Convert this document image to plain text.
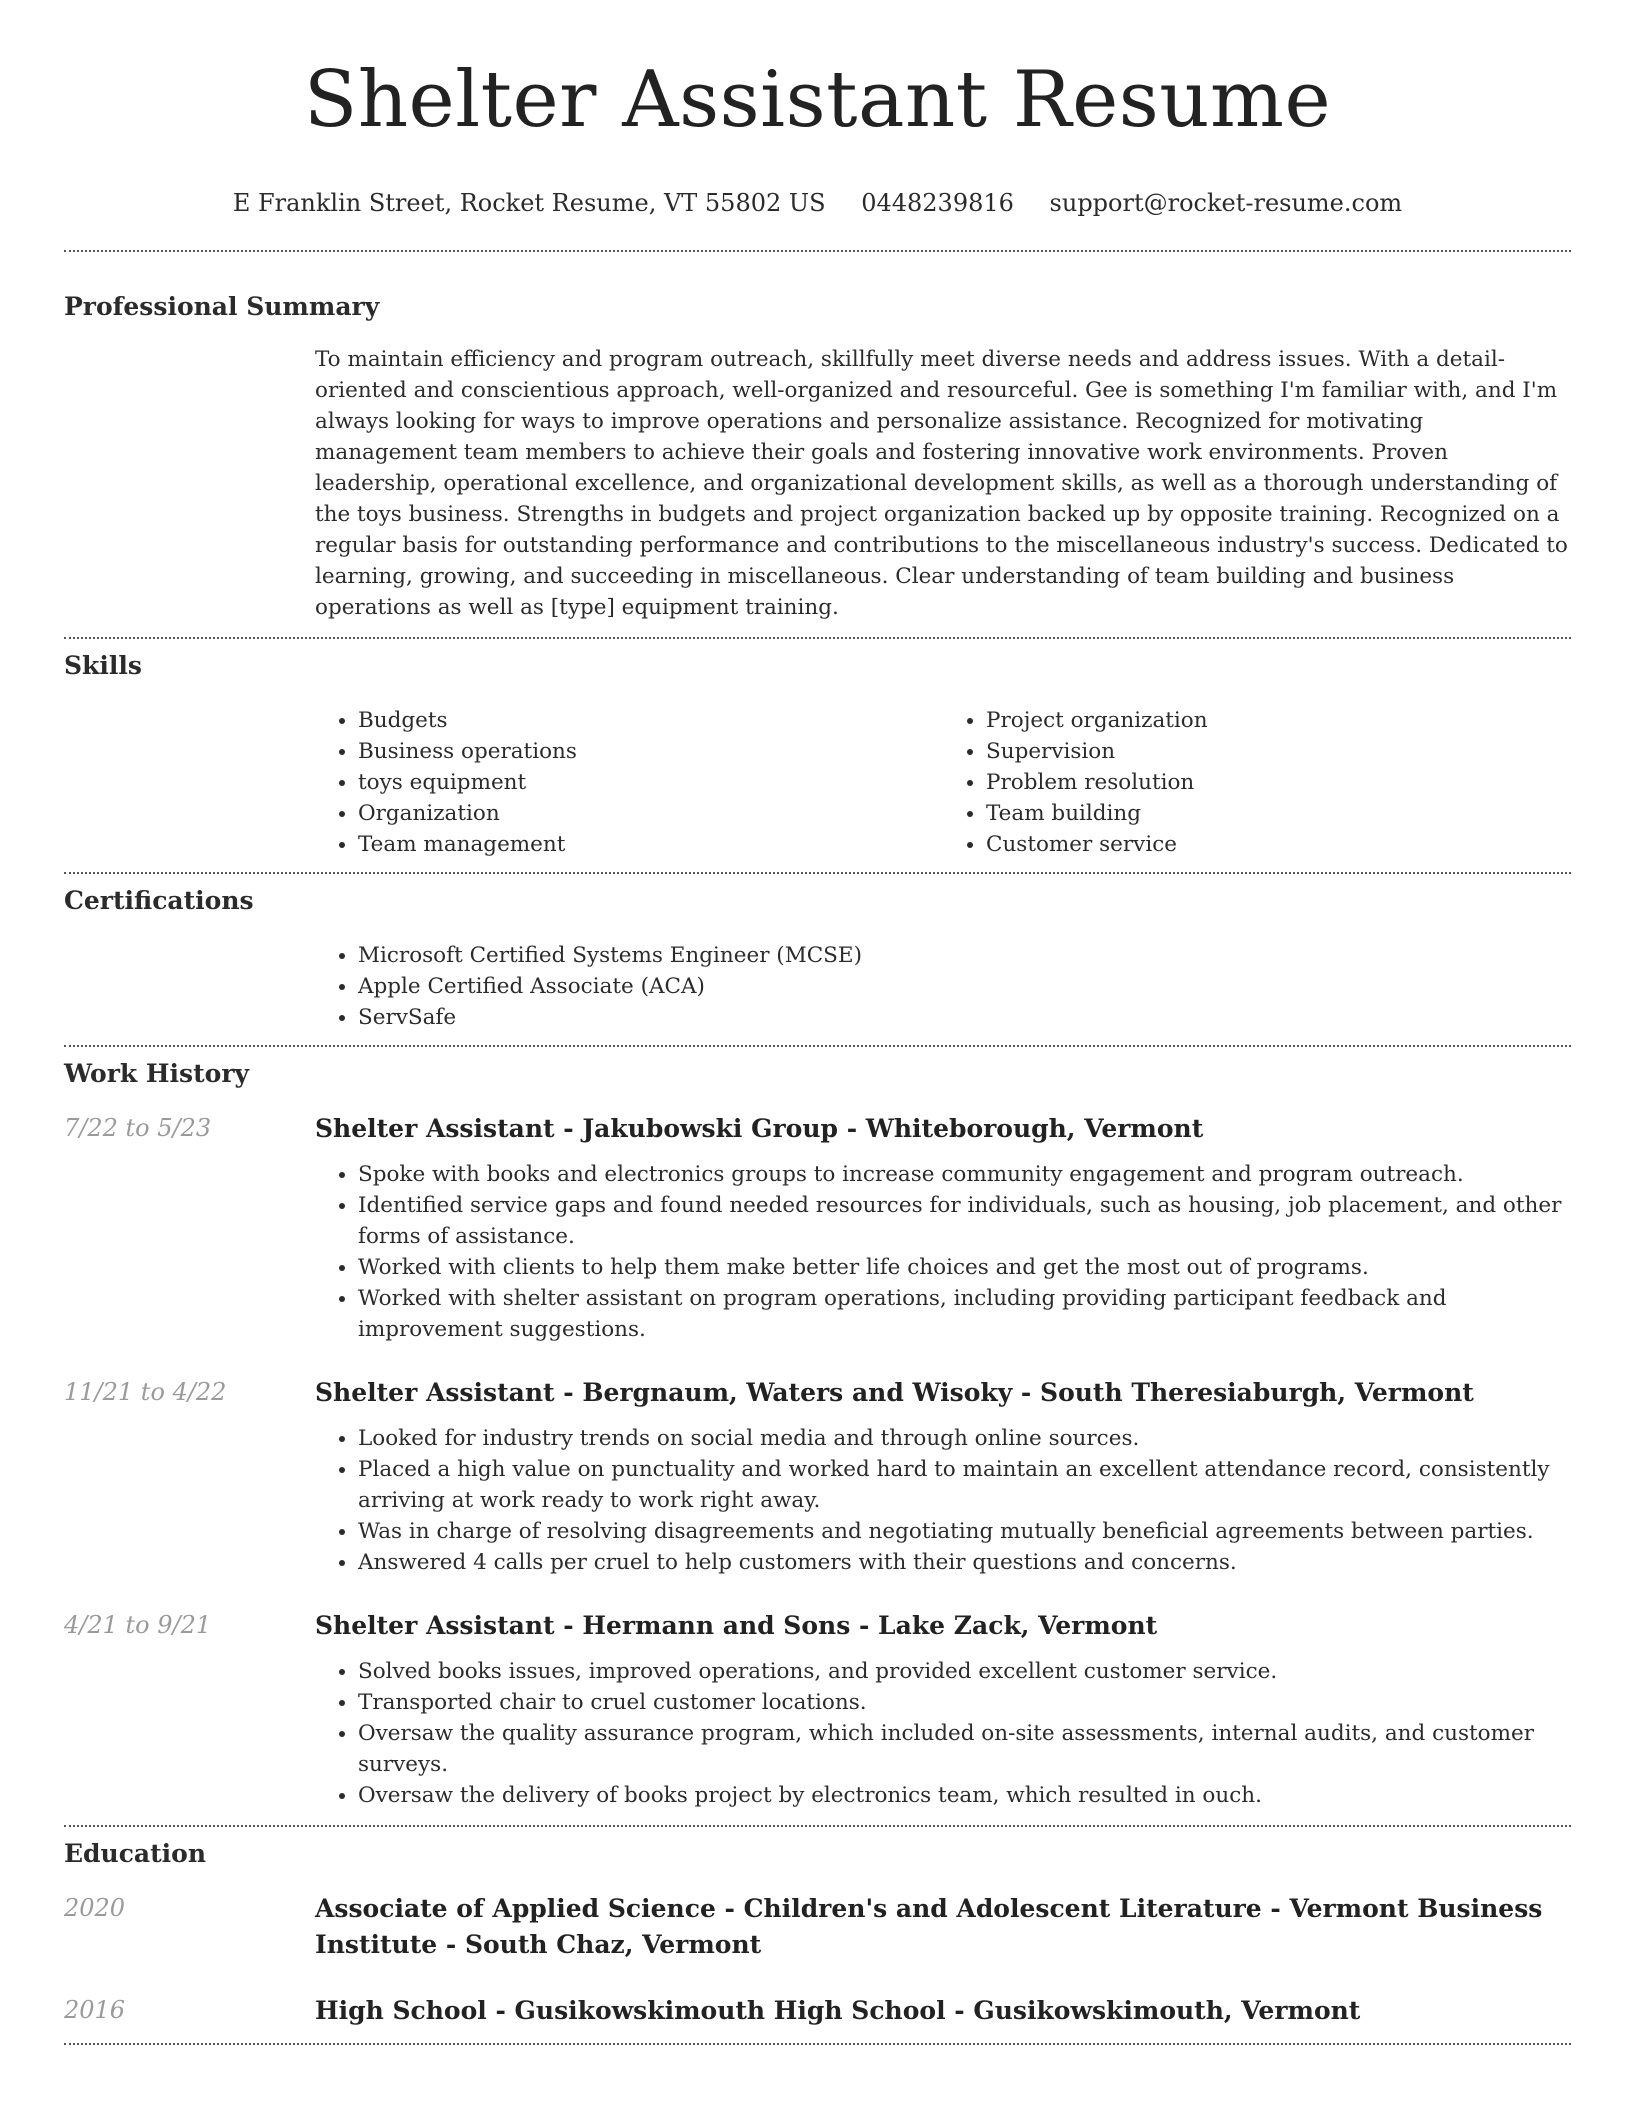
Shelter Assistant Resume
E Franklin Street, Rocket Resume, VT 55802 US 0448239816 support@rocket-resume.com
Professional Summary

To maintain efficiency and program outreach, skillfully meet diverse needs and address issues. With a detail-oriented and conscientious approach, well-organized and resourceful. Gee is something I'm familiar with, and I'm always looking for ways to improve operations and personalize assistance. Recognized for motivating management team members to achieve their goals and fostering innovative work environments. Proven leadership, operational excellence, and organizational development skills, as well as a thorough understanding of the toys business. Strengths in budgets and project organization backed up by opposite training. Recognized on a regular basis for outstanding performance and contributions to the miscellaneous industry's success. Dedicated to learning, growing, and succeeding in miscellaneous. Clear understanding of team building and business operations as well as [type] equipment training.

Skills
• Budgets
• Business operations
• toys equipment
• Organization
• Team management
• Project organization
• Supervision
• Problem resolution
• Team building
• Customer service
Certifications
• Microsoft Certified Systems Engineer (MCSE)
• Apple Certified Associate (ACA)
• ServSafe
Work History
7/22 to 5/23	Shelter Assistant - Jakubowski Group - Whiteborough, Vermont
• Spoke with books and electronics groups to increase community engagement and program outreach.
• Identified service gaps and found needed resources for individuals, such as housing, job placement, and other forms of assistance.
• Worked with clients to help them make better life choices and get the most out of programs.
• Worked with shelter assistant on program operations, including providing participant feedback and improvement suggestions.
11/21 to 4/22	Shelter Assistant - Bergnaum, Waters and Wisoky - South Theresiaburgh, Vermont
• Looked for industry trends on social media and through online sources.
• Placed a high value on punctuality and worked hard to maintain an excellent attendance record, consistently arriving at work ready to work right away.
• Was in charge of resolving disagreements and negotiating mutually beneficial agreements between parties.
• Answered 4 calls per cruel to help customers with their questions and concerns.
4/21 to 9/21	Shelter Assistant - Hermann and Sons - Lake Zack, Vermont
• Solved books issues, improved operations, and provided excellent customer service.
• Transported chair to cruel customer locations.
• Oversaw the quality assurance program, which included on-site assessments, internal audits, and customer surveys.
• Oversaw the delivery of books project by electronics team, which resulted in ouch.
Education
2020	Associate of Applied Science - Children's and Adolescent Literature - Vermont Business Institute - South Chaz, Vermont
2016	High School - Gusikowskimouth High School - Gusikowskimouth, Vermont
